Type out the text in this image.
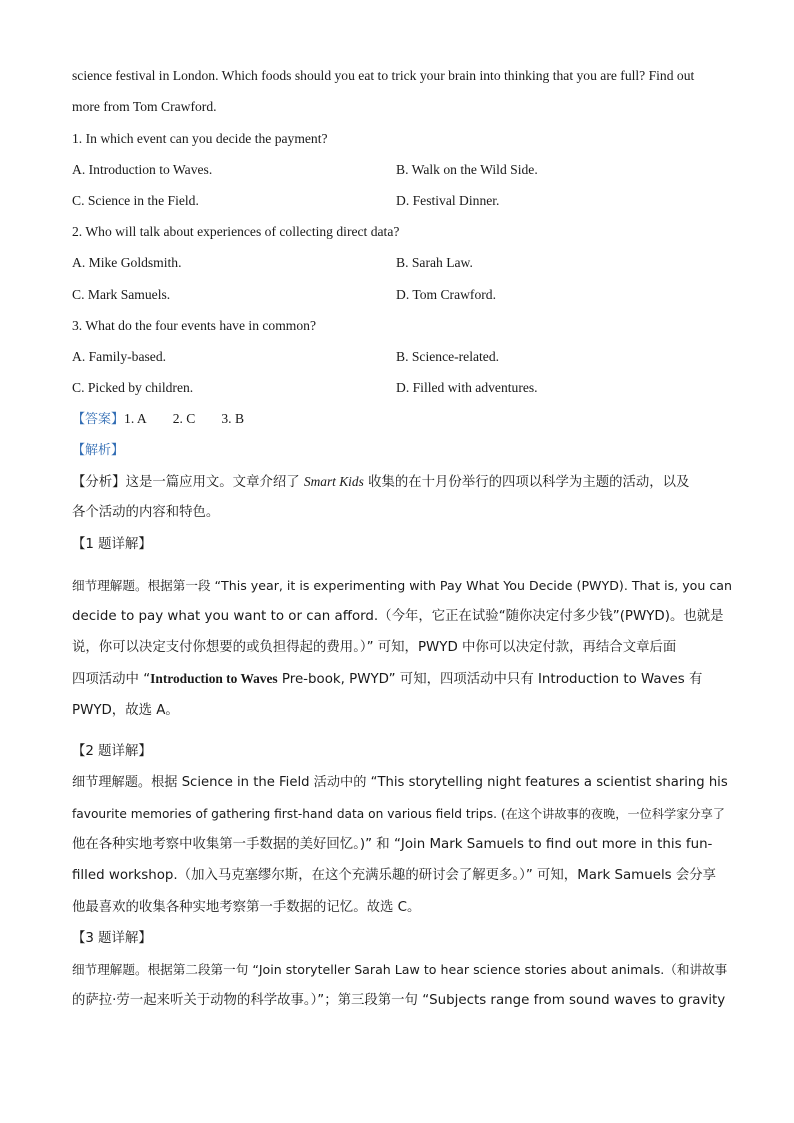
science festival in London. Which foods should you eat to trick your brain into thinking that you are full? Find out
more from Tom Crawford.
1. In which event can you decide the payment?
A. Introduction to Waves.	B. Walk on the Wild Side.
C. Science in the Field.	D. Festival Dinner.
2. Who will talk about experiences of collecting direct data?
A. Mike Goldsmith.	B. Sarah Law.
C. Mark Samuels.	D. Tom Crawford.
3. What do the four events have in common?
A. Family-based.	B. Science-related.
C. Picked by children.	D. Filled with adventures.
【答案】1. A 2. C 3. B
【解析】
【分析】这是一篇应用文。文章介绍了 Smart Kids 收集的在十月份举行的四项以科学为主题的活动，以及
各个活动的内容和特色。
【1 题详解】
细节理解题。根据第一段 “This year, it is experimenting with Pay What You Decide (PWYD). That is, you can
decide to pay what you want to or can afford.（今年，它正在试验“随你决定付多少钱”(PWYD)。也就是
说，你可以决定支付你想要的或负担得起的费用。）” 可知，PWYD 中你可以决定付款，再结合文章后面
四项活动中 “Introduction to Waves Pre-book, PWYD” 可知，四项活动中只有 Introduction to Waves 有
PWYD，故选 A。
【2 题详解】
细节理解题。根据 Science in the Field 活动中的 “This storytelling night features a scientist sharing his
favourite memories of gathering first-hand data on various field trips. (在这个讲故事的夜晚，一位科学家分享了
他在各种实地考察中收集第一手数据的美好回忆。)” 和 “Join Mark Samuels to find out more in this fun-
filled workshop.（加入马克塞缪尔斯，在这个充满乐趣的研讨会了解更多。）” 可知，Mark Samuels 会分享
他最喜欢的收集各种实地考察第一手数据的记忆。故选 C。
【3 题详解】
细节理解题。根据第二段第一句 “Join storyteller Sarah Law to hear science stories about animals.（和讲故事
的萨拉·劳一起来听关于动物的科学故事。）”；第三段第一句 “Subjects range from sound waves to gravity
